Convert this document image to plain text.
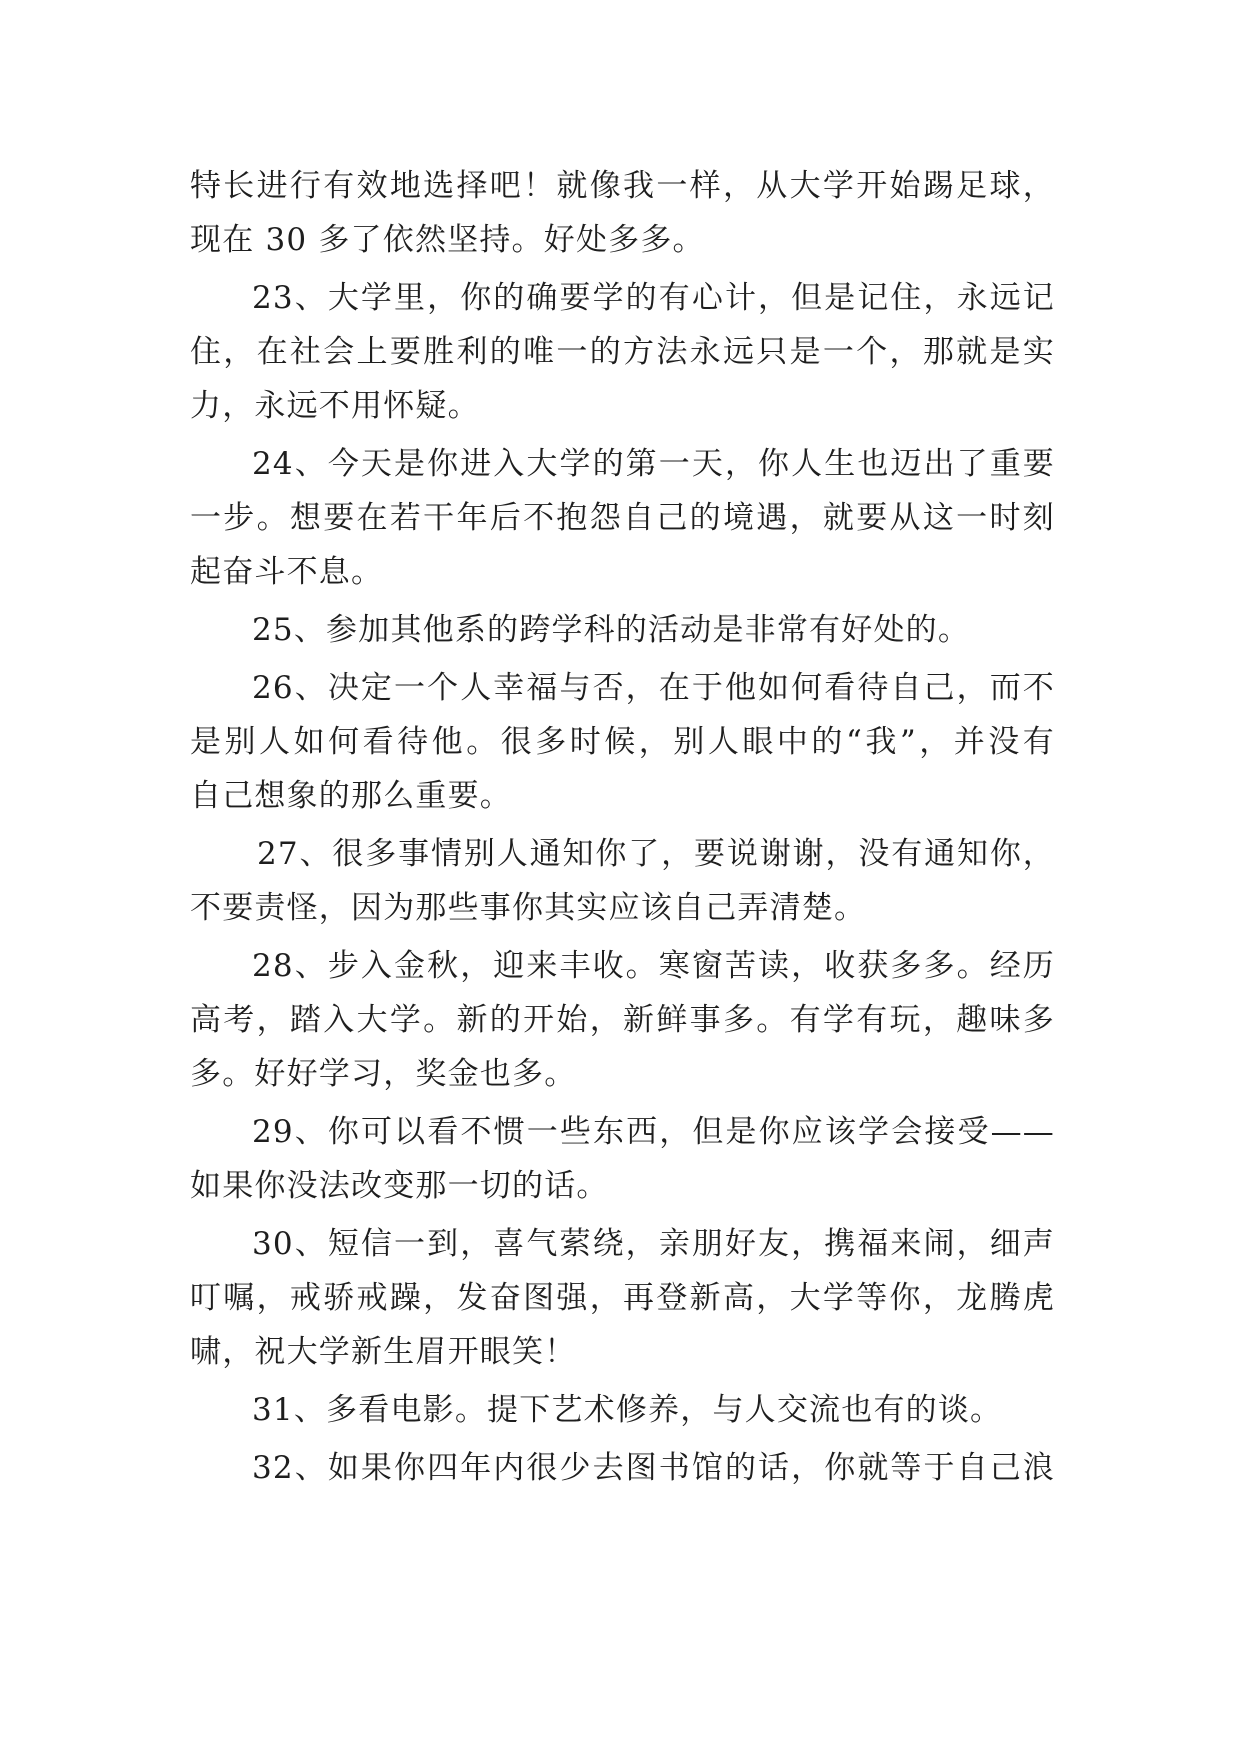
特长进行有效地选择吧！就像我一样，从大学开始踢足球，
现在 30 多了依然坚持。好处多多。
23、大学里，你的确要学的有心计，但是记住，永远记
住，在社会上要胜利的唯一的方法永远只是一个，那就是实
力，永远不用怀疑。
24、今天是你进入大学的第一天，你人生也迈出了重要
一步。想要在若干年后不抱怨自己的境遇，就要从这一时刻
起奋斗不息。
25、参加其他系的跨学科的活动是非常有好处的。
26、决定一个人幸福与否，在于他如何看待自己，而不
是别人如何看待他。很多时候，别人眼中的“我”，并没有
自己想象的那么重要。
27、很多事情别人通知你了，要说谢谢，没有通知你，
不要责怪，因为那些事你其实应该自己弄清楚。
28、步入金秋，迎来丰收。寒窗苦读，收获多多。经历
高考，踏入大学。新的开始，新鲜事多。有学有玩，趣味多
多。好好学习，奖金也多。
29、你可以看不惯一些东西，但是你应该学会接受——
如果你没法改变那一切的话。
30、短信一到，喜气萦绕，亲朋好友，携福来闹，细声
叮嘱，戒骄戒躁，发奋图强，再登新高，大学等你，龙腾虎
啸，祝大学新生眉开眼笑！
31、多看电影。提下艺术修养，与人交流也有的谈。
32、如果你四年内很少去图书馆的话，你就等于自己浪
